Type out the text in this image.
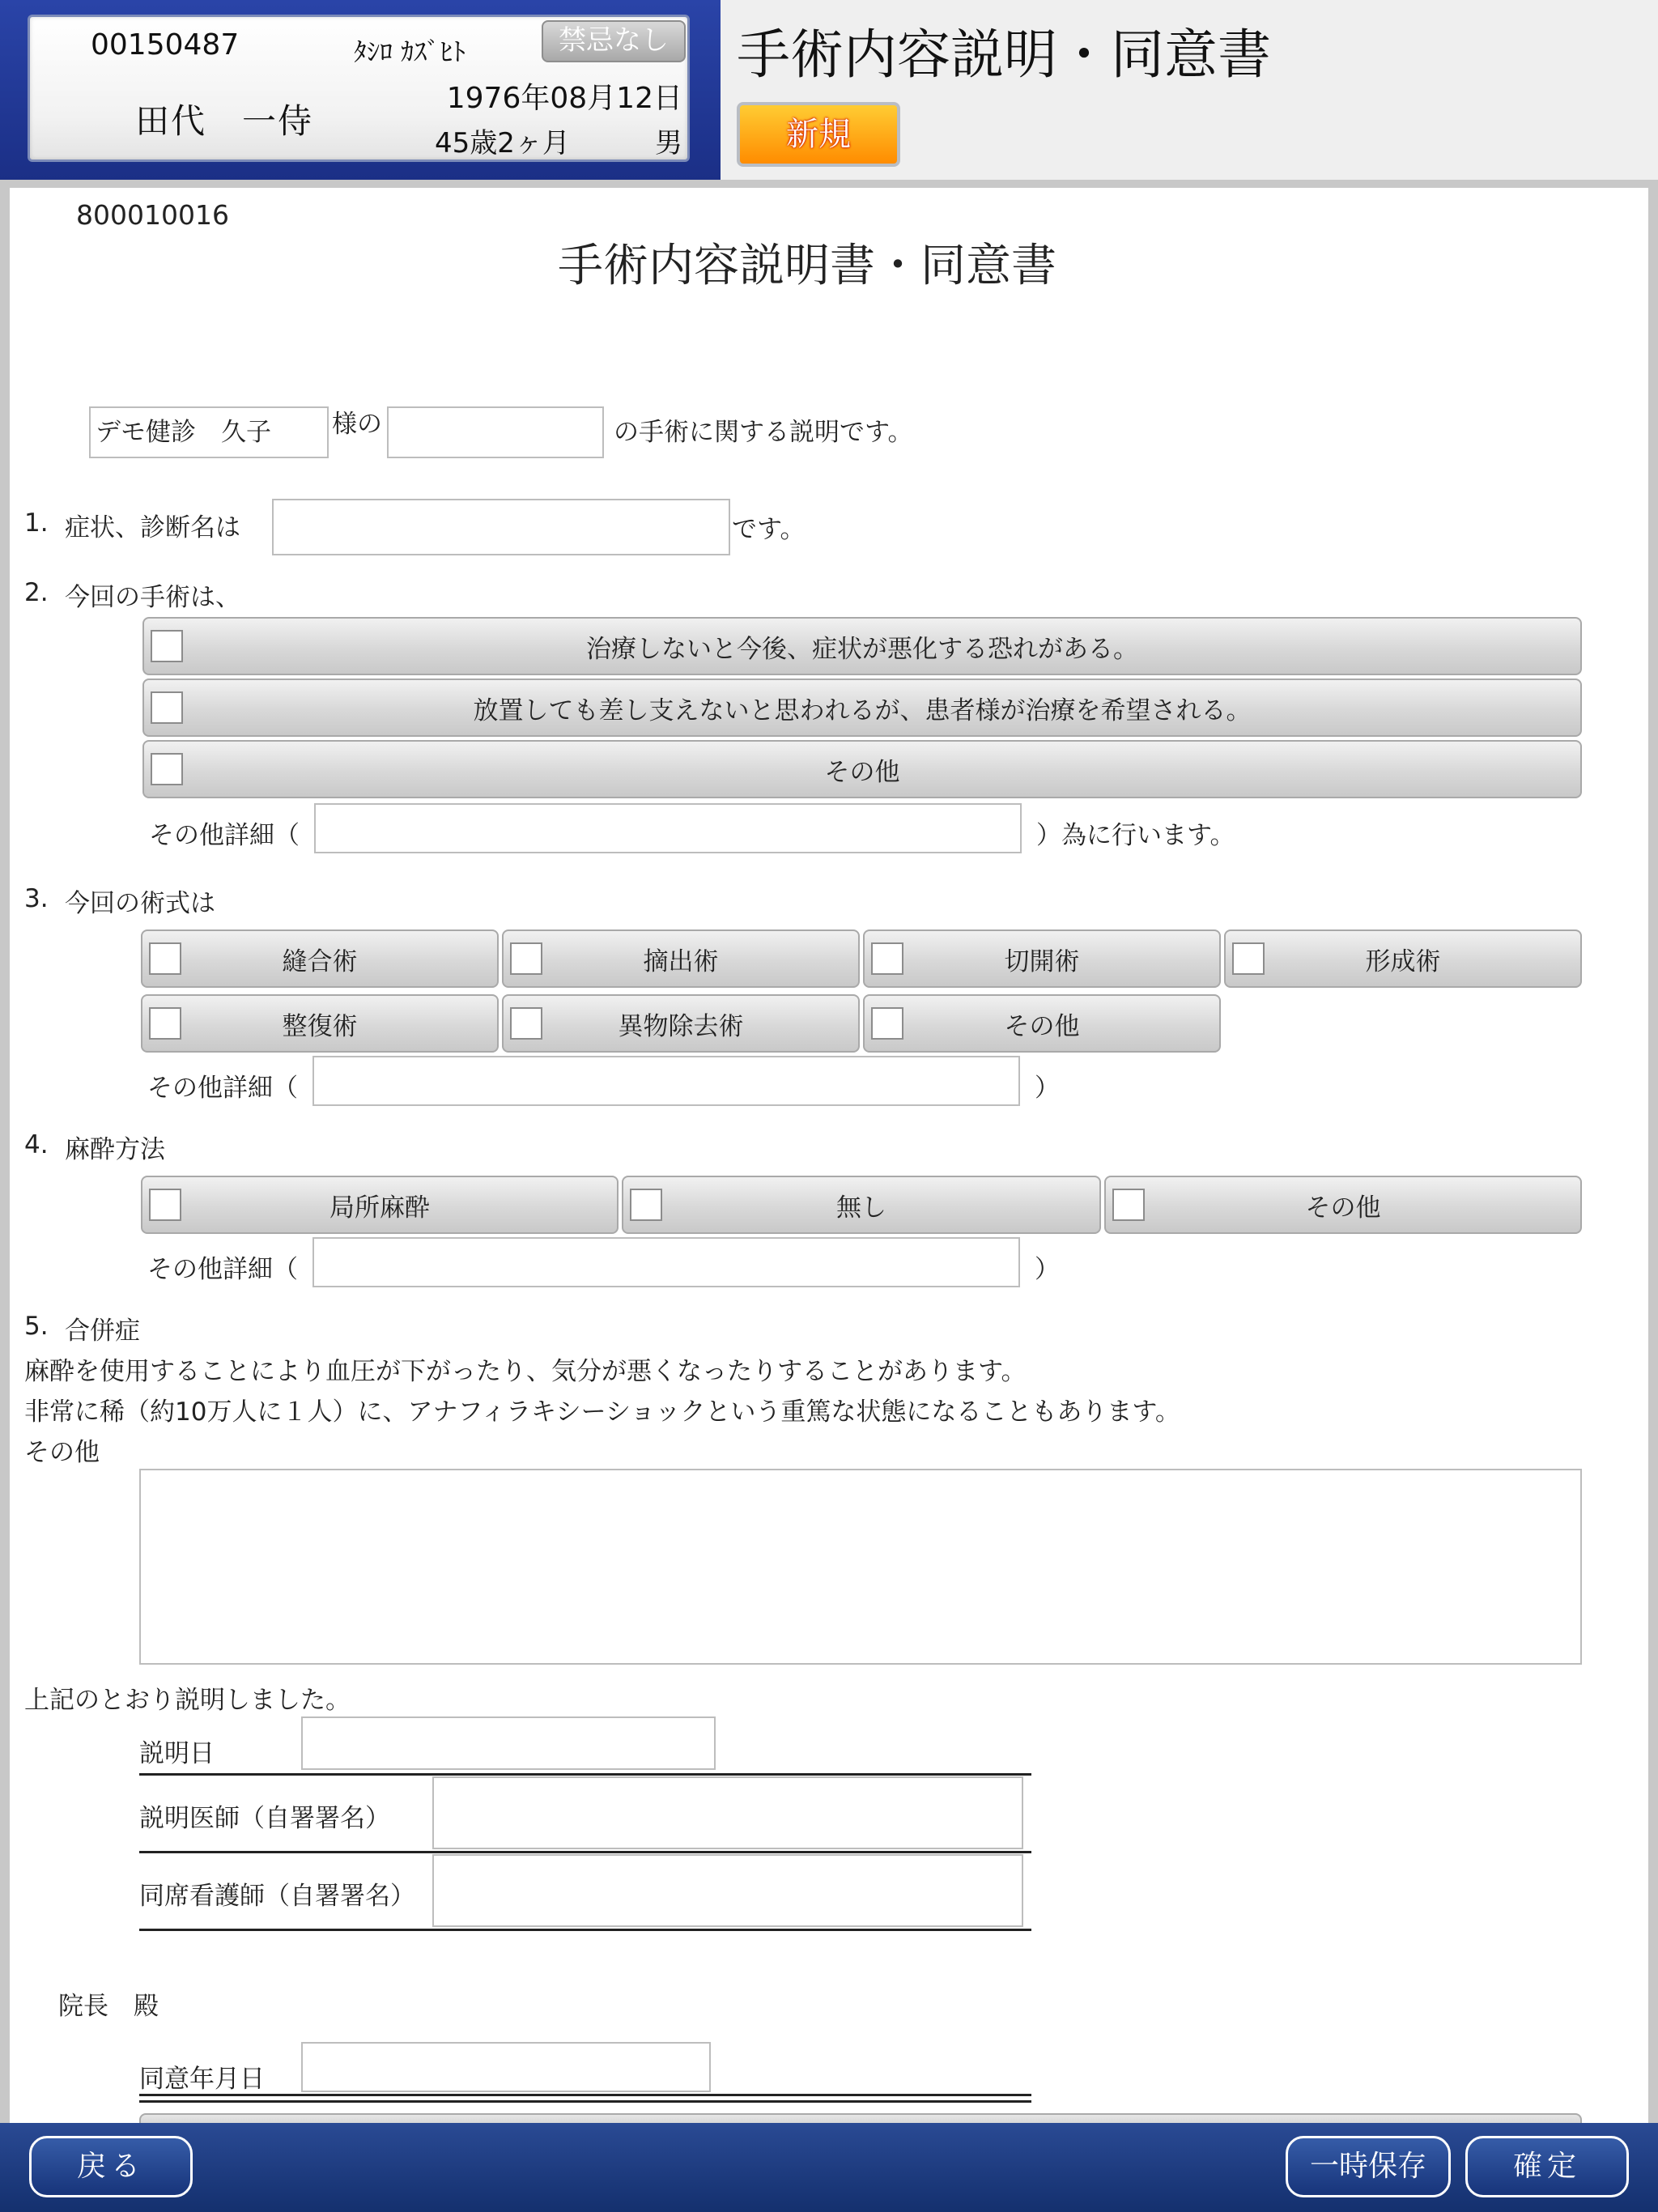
00150487	ﾀｼﾛ ｶｽﾞﾋﾄ	禁忌なし
1976年08月12日
田代　一侍
45歳2ヶ月	男
手術内容説明・同意書
新規
800010016
手術内容説明書・同意書
デモ健診　久子	様の	の手術に関する説明です。
1. 症状、診断名は	です。
2. 今回の手術は、
治療しないと今後、症状が悪化する恐れがある。
放置しても差し支えないと思われるが、患者様が治療を希望される。
その他
その他詳細（	）為に行います。
3. 今回の術式は
縫合術	摘出術	切開術	形成術
整復術	異物除去術	その他
その他詳細（	）
4. 麻酔方法
局所麻酔	無し	その他
その他詳細（	）
5. 合併症
麻酔を使用することにより血圧が下がったり、気分が悪くなったりすることがあります。
非常に稀（約10万人に１人）に、アナフィラキシーショックという重篤な状態になることもあります。
その他
上記のとおり説明しました。
説明日
説明医師（自署署名）
同席看護師（自署署名）
院長　殿
同意年月日
戻る	一時保存	確定
